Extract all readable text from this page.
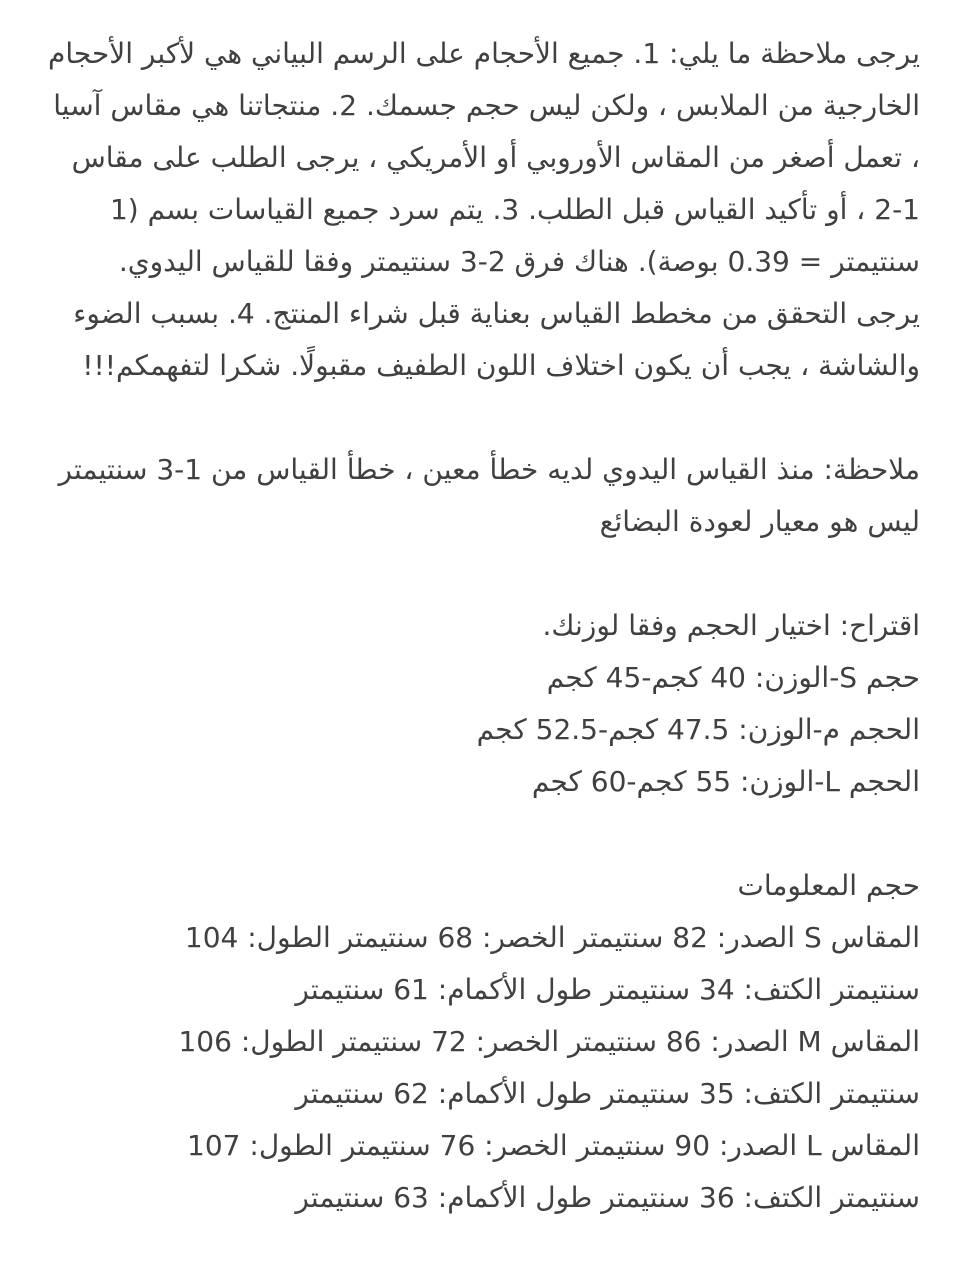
يرجى ملاحظة ما يلي: 1. جميع الأحجام على الرسم البياني هي لأكبر الأحجام الخارجية من الملابس ، ولكن ليس حجم جسمك. 2. منتجاتنا هي مقاس آسيا ، تعمل أصغر من المقاس الأوروبي أو الأمريكي ، يرجى الطلب على مقاس 1-2 ، أو تأكيد القياس قبل الطلب. 3. يتم سرد جميع القياسات بسم (1 سنتيمتر = 0.39 بوصة). هناك فرق 2-3 سنتيمتر وفقا للقياس اليدوي. يرجى التحقق من مخطط القياس بعناية قبل شراء المنتج. 4. بسبب الضوء والشاشة ، يجب أن يكون اختلاف اللون الطفيف مقبولًا. شكرا لتفهمكم!!!

ملاحظة: منذ القياس اليدوي لديه خطأ معين ، خطأ القياس من 1-3 سنتيمتر ليس هو معيار لعودة البضائع

اقتراح: اختيار الحجم وفقا لوزنك.
حجم S-الوزن: 40 كجم-45 كجم
الحجم م-الوزن: 47.5 كجم-52.5 كجم
الحجم L-الوزن: 55 كجم-60 كجم
حجم المعلومات
المقاس S الصدر: 82 سنتيمتر الخصر: 68 سنتيمتر الطول: 104
سنتيمتر الكتف: 34 سنتيمتر طول الأكمام: 61 سنتيمتر
المقاس M الصدر: 86 سنتيمتر الخصر: 72 سنتيمتر الطول: 106
سنتيمتر الكتف: 35 سنتيمتر طول الأكمام: 62 سنتيمتر
المقاس L الصدر: 90 سنتيمتر الخصر: 76 سنتيمتر الطول: 107
سنتيمتر الكتف: 36 سنتيمتر طول الأكمام: 63 سنتيمتر
